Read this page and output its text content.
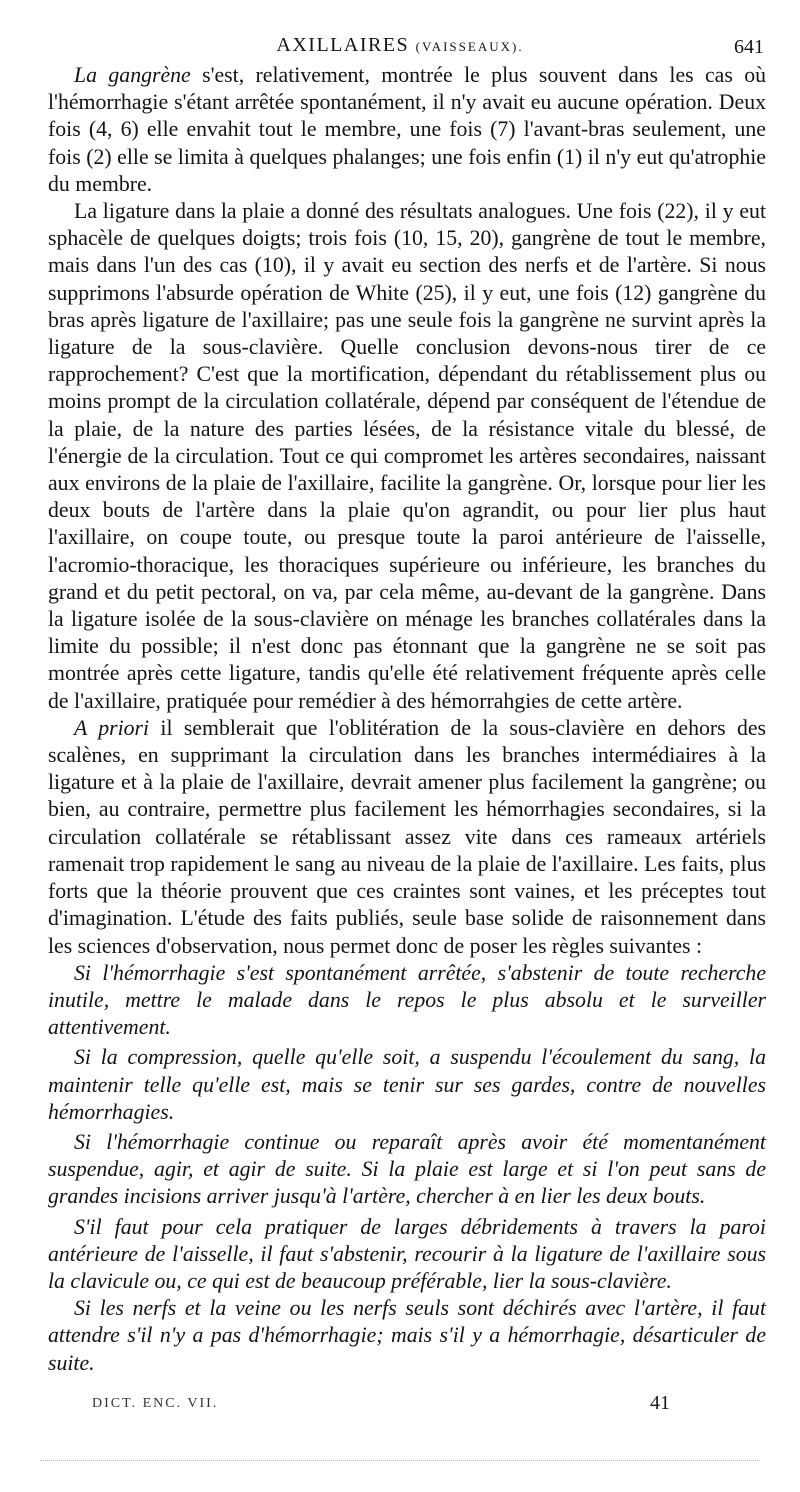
AXILLAIRES (VAISSEAUX).	641

La gangrène s'est, relativement, montrée le plus souvent dans les cas où l'hémorrhagie s'étant arrêtée spontanément, il n'y avait eu aucune opération. Deux fois (4, 6) elle envahit tout le membre, une fois (7) l'avant-bras seulement, une fois (2) elle se limita à quelques phalanges; une fois enfin (1) il n'y eut qu'atrophie du membre.

La ligature dans la plaie a donné des résultats analogues. Une fois (22), il y eut sphacèle de quelques doigts; trois fois (10, 15, 20), gangrène de tout le membre, mais dans l'un des cas (10), il y avait eu section des nerfs et de l'artère. Si nous supprimons l'absurde opération de White (25), il y eut, une fois (12) gangrène du bras après ligature de l'axillaire; pas une seule fois la gangrène ne survint après la ligature de la sous-clavière. Quelle conclusion devons-nous tirer de ce rapprochement? C'est que la mortification, dépendant du rétablissement plus ou moins prompt de la circulation collatérale, dépend par conséquent de l'étendue de la plaie, de la nature des parties lésées, de la résistance vitale du blessé, de l'énergie de la circulation. Tout ce qui compromet les artères secondaires, naissant aux environs de la plaie de l'axillaire, facilite la gangrène. Or, lorsque pour lier les deux bouts de l'artère dans la plaie qu'on agrandit, ou pour lier plus haut l'axillaire, on coupe toute, ou presque toute la paroi antérieure de l'aisselle, l'acromio-thoracique, les thoraciques supérieure ou inférieure, les branches du grand et du petit pectoral, on va, par cela même, au-devant de la gangrène. Dans la ligature isolée de la sous-clavière on ménage les branches collatérales dans la limite du possible; il n'est donc pas étonnant que la gangrène ne se soit pas montrée après cette ligature, tandis qu'elle été relativement fréquente après celle de l'axillaire, pratiquée pour remédier à des hémorrahgies de cette artère.

A priori il semblerait que l'oblitération de la sous-clavière en dehors des scalènes, en supprimant la circulation dans les branches intermédiaires à la ligature et à la plaie de l'axillaire, devrait amener plus facilement la gangrène; ou bien, au contraire, permettre plus facilement les hémorrhagies secondaires, si la circulation collatérale se rétablissant assez vite dans ces rameaux artériels ramenait trop rapidement le sang au niveau de la plaie de l'axillaire. Les faits, plus forts que la théorie prouvent que ces craintes sont vaines, et les préceptes tout d'imagination. L'étude des faits publiés, seule base solide de raisonnement dans les sciences d'observation, nous permet donc de poser les règles suivantes :

Si l'hémorrhagie s'est spontanément arrêtée, s'abstenir de toute recherche inutile, mettre le malade dans le repos le plus absolu et le surveiller attentivement.

Si la compression, quelle qu'elle soit, a suspendu l'écoulement du sang, la maintenir telle qu'elle est, mais se tenir sur ses gardes, contre de nouvelles hémorrhagies.

Si l'hémorrhagie continue ou reparaît après avoir été momentanément suspendue, agir, et agir de suite. Si la plaie est large et si l'on peut sans de grandes incisions arriver jusqu'à l'artère, chercher à en lier les deux bouts.

S'il faut pour cela pratiquer de larges débridements à travers la paroi antérieure de l'aisselle, il faut s'abstenir, recourir à la ligature de l'axillaire sous la clavicule ou, ce qui est de beaucoup préférable, lier la sous-clavière.

Si les nerfs et la veine ou les nerfs seuls sont déchirés avec l'artère, il faut attendre s'il n'y a pas d'hémorrhagie; mais s'il y a hémorrhagie, désarticuler de suite.

DICT. ENC. VII.	41
